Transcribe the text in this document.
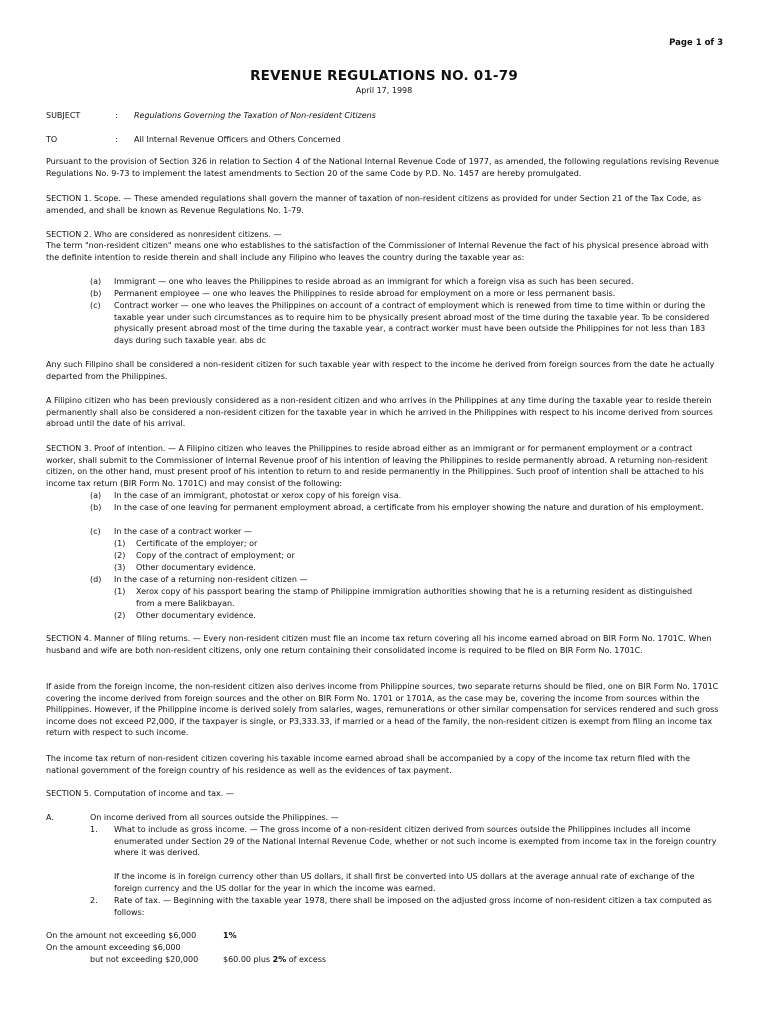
Page 1 of 3
REVENUE REGULATIONS NO. 01-79
April 17, 1998
SUBJECT	: Regulations Governing the Taxation of Non-resident Citizens
TO	: All Internal Revenue Officers and Others Concerned
Pursuant to the provision of Section 326 in relation to Section 4 of the National Internal Revenue Code of 1977, as amended, the following regulations revising Revenue Regulations No. 9-73 to implement the latest amendments to Section 20 of the same Code by P.D. No. 1457 are hereby promulgated.
SECTION 1. Scope. — These amended regulations shall govern the manner of taxation of non-resident citizens as provided for under Section 21 of the Tax Code, as amended, and shall be known as Revenue Regulations No. 1-79.
SECTION 2. Who are considered as nonresident citizens. —
The term "non-resident citizen" means one who establishes to the satisfaction of the Commissioner of Internal Revenue the fact of his physical presence abroad with the definite intention to reside therein and shall include any Filipino who leaves the country during the taxable year as:
(a) Immigrant — one who leaves the Philippines to reside abroad as an immigrant for which a foreign visa as such has been secured.
(b) Permanent employee — one who leaves the Philippines to reside abroad for employment on a more or less permanent basis.
(c) Contract worker — one who leaves the Philippines on account of a contract of employment which is renewed from time to time within or during the taxable year under such circumstances as to require him to be physically present abroad most of the time during the taxable year. To be considered physically present abroad most of the time during the taxable year, a contract worker must have been outside the Philippines for not less than 183 days during such taxable year. abs dc
Any such Filipino shall be considered a non-resident citizen for such taxable year with respect to the income he derived from foreign sources from the date he actually departed from the Philippines.
A Filipino citizen who has been previously considered as a non-resident citizen and who arrives in the Philippines at any time during the taxable year to reside therein permanently shall also be considered a non-resident citizen for the taxable year in which he arrived in the Philippines with respect to his income derived from sources abroad until the date of his arrival.
SECTION 3. Proof of intention. — A Filipino citizen who leaves the Philippines to reside abroad either as an immigrant or for permanent employment or a contract worker, shall submit to the Commissioner of Internal Revenue proof of his intention of leaving the Philippines to reside permanently abroad. A returning non-resident citizen, on the other hand, must present proof of his intention to return to and reside permanently in the Philippines. Such proof of intention shall be attached to his income tax return (BIR Form No. 1701C) and may consist of the following:
(a) In the case of an immigrant, photostat or xerox copy of his foreign visa.
(b) In the case of one leaving for permanent employment abroad, a certificate from his employer showing the nature and duration of his employment.
(c) In the case of a contract worker —
(1) Certificate of the employer; or
(2) Copy of the contract of employment; or
(3) Other documentary evidence.
(d) In the case of a returning non-resident citizen —
(1) Xerox copy of his passport bearing the stamp of Philippine immigration authorities showing that he is a returning resident as distinguished from a mere Balikbayan.
(2) Other documentary evidence.
SECTION 4. Manner of filing returns. — Every non-resident citizen must file an income tax return covering all his income earned abroad on BIR Form No. 1701C. When husband and wife are both non-resident citizens, only one return containing their consolidated income is required to be filed on BIR Form No. 1701C.
If aside from the foreign income, the non-resident citizen also derives income from Philippine sources, two separate returns should be filed, one on BIR Form No. 1701C covering the income derived from foreign sources and the other on BIR Form No. 1701 or 1701A, as the case may be, covering the income from sources within the Philippines. However, if the Philippine income is derived solely from salaries, wages, remunerations or other similar compensation for services rendered and such gross income does not exceed P2,000, if the taxpayer is single, or P3,333.33, if married or a head of the family, the non-resident citizen is exempt from filing an income tax return with respect to such income.
The income tax return of non-resident citizen covering his taxable income earned abroad shall be accompanied by a copy of the income tax return filed with the national government of the foreign country of his residence as well as the evidences of tax payment.
SECTION 5. Computation of income and tax. —
A.	On income derived from all sources outside the Philippines. —
1. What to include as gross income. — The gross income of a non-resident citizen derived from sources outside the Philippines includes all income enumerated under Section 29 of the National Internal Revenue Code, whether or not such income is exempted from income tax in the foreign country where it was derived.
If the income is in foreign currency other than US dollars, it shall first be converted into US dollars at the average annual rate of exchange of the foreign currency and the US dollar for the year in which the income was earned.
2. Rate of tax. — Beginning with the taxable year 1978, there shall be imposed on the adjusted gross income of non-resident citizen a tax computed as follows:
On the amount not exceeding $6,000	1%
On the amount exceeding $6,000
but not exceeding $20,000	$60.00 plus 2% of excess
